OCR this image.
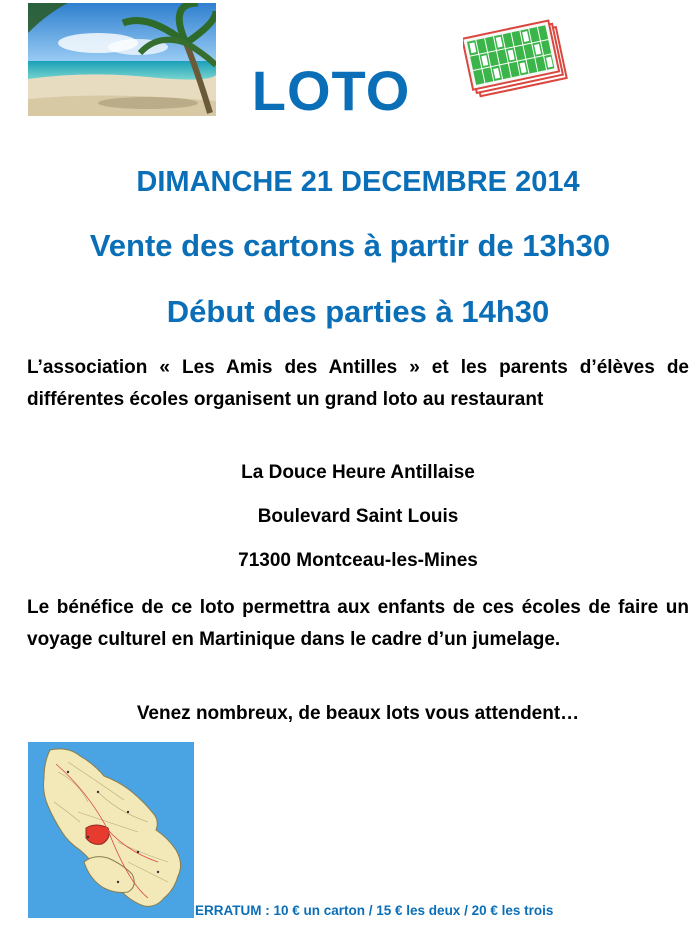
LOTO
DIMANCHE 21 DECEMBRE 2014
Vente des cartons à partir de 13h30
Début des parties à 14h30
L’association « Les Amis des Antilles » et les parents d’élèves de différentes écoles organisent un grand loto au restaurant
La Douce Heure Antillaise
Boulevard Saint Louis
71300 Montceau-les-Mines
Le bénéfice de ce loto permettra aux enfants de ces écoles de faire un voyage culturel en Martinique dans le cadre d’un jumelage.
Venez nombreux, de beaux lots vous attendent…
ERRATUM : 10 € un carton / 15 € les deux / 20 € les trois
